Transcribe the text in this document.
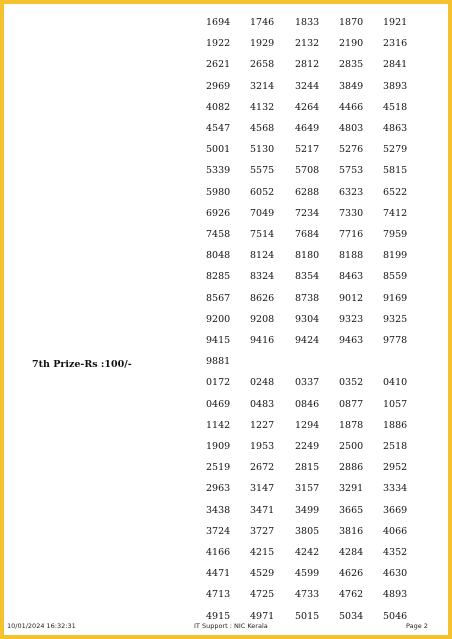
7th Prize-Rs :100/-
1694 1746 1833 1870 1921
1922 1929 2132 2190 2316
2621 2658 2812 2835 2841
2969 3214 3244 3849 3893
4082 4132 4264 4466 4518
4547 4568 4649 4803 4863
5001 5130 5217 5276 5279
5339 5575 5708 5753 5815
5980 6052 6288 6323 6522
6926 7049 7234 7330 7412
7458 7514 7684 7716 7959
8048 8124 8180 8188 8199
8285 8324 8354 8463 8559
8567 8626 8738 9012 9169
9200 9208 9304 9323 9325
9415 9416 9424 9463 9778
9881
0172 0248 0337 0352 0410
0469 0483 0846 0877 1057
1142 1227 1294 1878 1886
1909 1953 2249 2500 2518
2519 2672 2815 2886 2952
2963 3147 3157 3291 3334
3438 3471 3499 3665 3669
3724 3727 3805 3816 4066
4166 4215 4242 4284 4352
4471 4529 4599 4626 4630
4713 4725 4733 4762 4893
4915 4971 5015 5034 5046
10/01/2024 16:32:31	IT Support : NIC Kerala	Page 2
